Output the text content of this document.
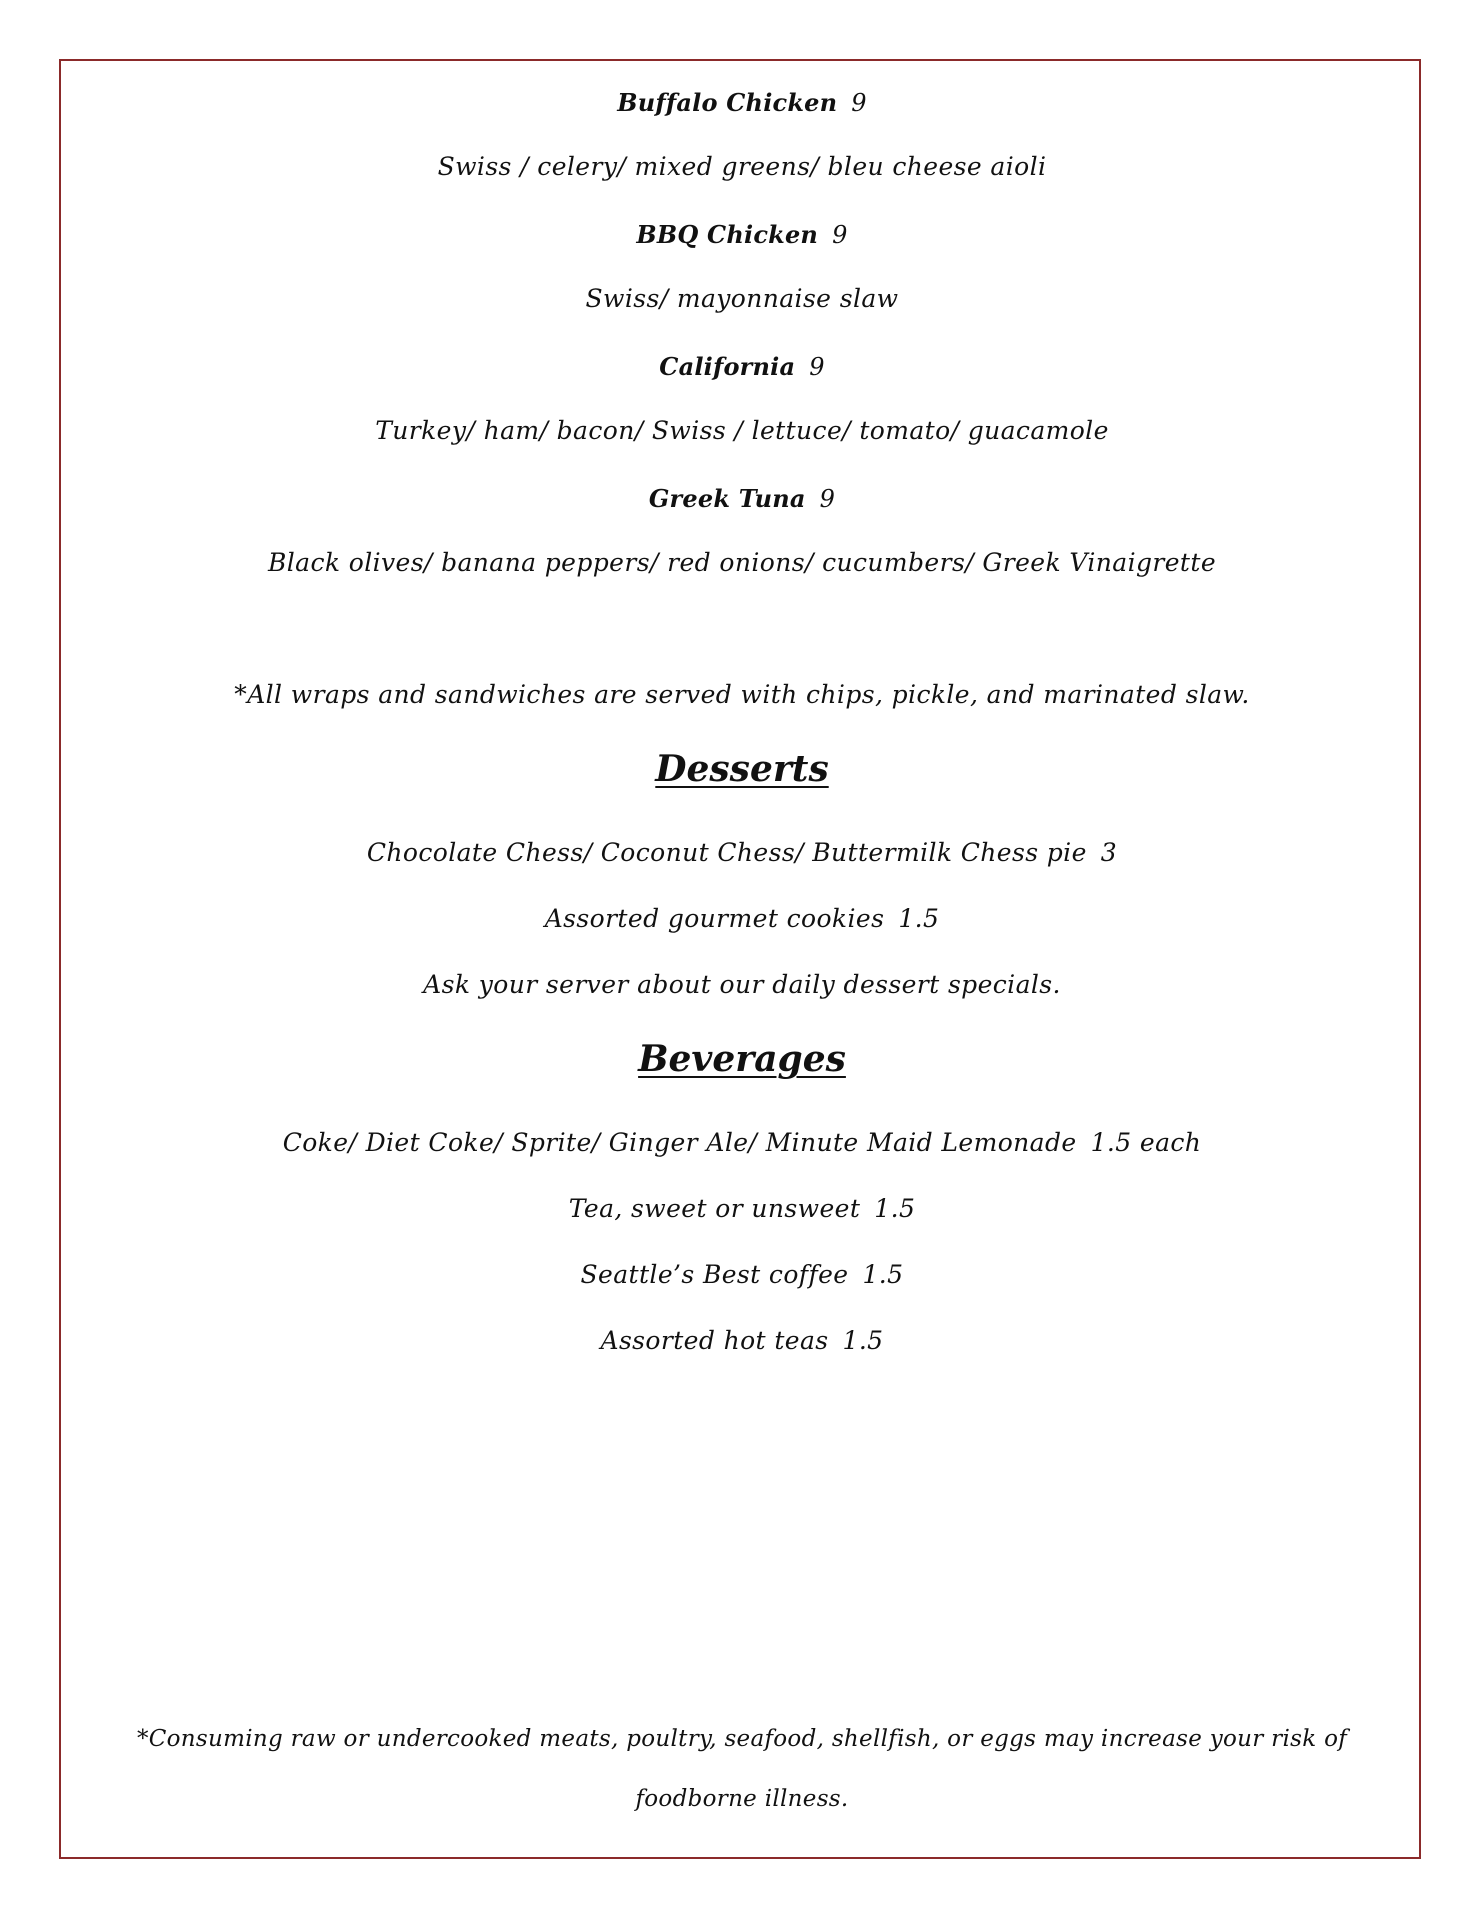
Buffalo Chicken 9
Swiss / celery/ mixed greens/ bleu cheese aioli
BBQ Chicken 9
Swiss/ mayonnaise slaw
California 9
Turkey/ ham/ bacon/ Swiss / lettuce/ tomato/ guacamole
Greek Tuna 9
Black olives/ banana peppers/ red onions/ cucumbers/ Greek Vinaigrette
*All wraps and sandwiches are served with chips, pickle, and marinated slaw.
Desserts
Chocolate Chess/ Coconut Chess/ Buttermilk Chess pie 3
Assorted gourmet cookies 1.5
Ask your server about our daily dessert specials.
Beverages
Coke/ Diet Coke/ Sprite/ Ginger Ale/ Minute Maid Lemonade 1.5 each
Tea, sweet or unsweet 1.5
Seattle’s Best coffee 1.5
Assorted hot teas 1.5
*Consuming raw or undercooked meats, poultry, seafood, shellfish, or eggs may increase your risk of
foodborne illness.
